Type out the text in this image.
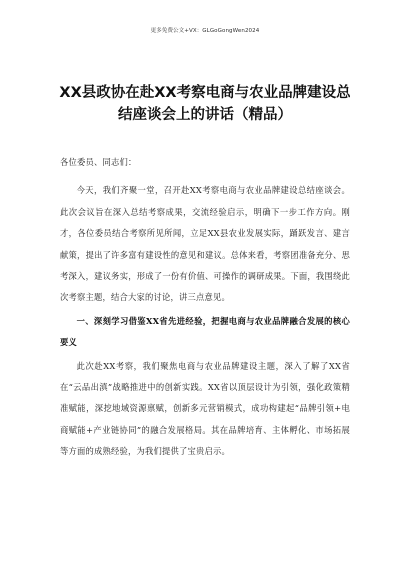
更多免费公文+VX：GLGoGongWen2024
XX县政协在赴XX考察电商与农业品牌建设总结座谈会上的讲话（精品）

各位委员、同志们：

今天，我们齐聚一堂，召开赴XX考察电商与农业品牌建设总结座谈会。此次会议旨在深入总结考察成果，交流经验启示，明确下一步工作方向。刚才，各位委员结合考察所见所闻，立足XX县农业发展实际，踊跃发言、建言献策，提出了许多富有建设性的意见和建议。总体来看，考察团准备充分、思考深入，建议务实，形成了一份有价值、可操作的调研成果。下面，我围绕此次考察主题，结合大家的讨论，讲三点意见。

一、深刻学习借鉴XX省先进经验，把握电商与农业品牌融合发展的核心要义

此次赴XX考察，我们聚焦电商与农业品牌建设主题，深入了解了XX省在“云品出滇”战略推进中的创新实践。XX省以顶层设计为引领，强化政策精准赋能，深挖地域资源禀赋，创新多元营销模式，成功构建起“品牌引领+电商赋能+产业链协同”的融合发展格局。其在品牌培育、主体孵化、市场拓展等方面的成熟经验，为我们提供了宝贵启示。
